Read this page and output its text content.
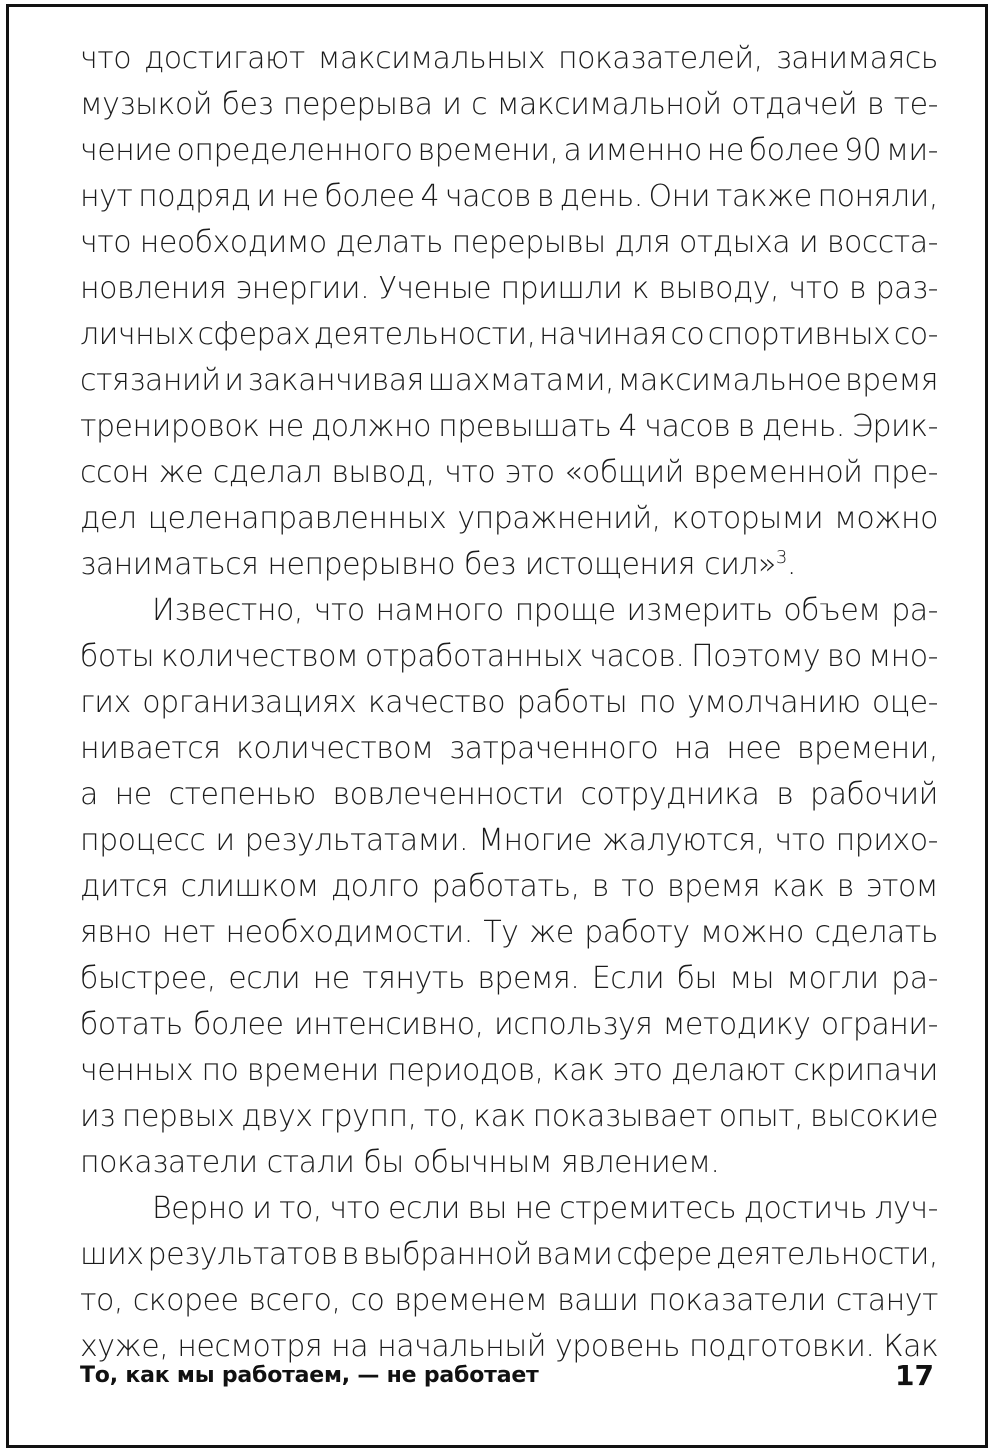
что достигают максимальных показателей, занимаясь
музыкой без перерыва и с максимальной отдачей в те-
чение определенного времени, а именно не более 90 ми-
нут подряд и не более 4 часов в день. Они также поняли,
что необходимо делать перерывы для отдыха и восста-
новления энергии. Ученые пришли к выводу, что в раз-
личных сферах деятельности, начиная со спортивных со-
стязаний и заканчивая шахматами, максимальное время
тренировок не должно превышать 4 часов в день. Эрик-
ссон же сделал вывод, что это «общий временной пре-
дел целенаправленных упражнений, которыми можно
заниматься непрерывно без истощения сил»$^3$.
Известно, что намного проще измерить объем ра-
боты количеством отработанных часов. Поэтому во мно-
гих организациях качество работы по умолчанию оце-
нивается количеством затраченного на нее времени,
а не степенью вовлеченности сотрудника в рабочий
процесс и результатами. Многие жалуются, что прихо-
дится слишком долго работать, в то время как в этом
явно нет необходимости. Ту же работу можно сделать
быстрее, если не тянуть время. Если бы мы могли ра-
ботать более интенсивно, используя методику ограни-
ченных по времени периодов, как это делают скрипачи
из первых двух групп, то, как показывает опыт, высокие
показатели стали бы обычным явлением.
Верно и то, что если вы не стремитесь достичь луч-
ших результатов в выбранной вами сфере деятельности,
то, скорее всего, со временем ваши показатели станут
хуже, несмотря на начальный уровень подготовки. Как
То, как мы работаем, — не работает	17
